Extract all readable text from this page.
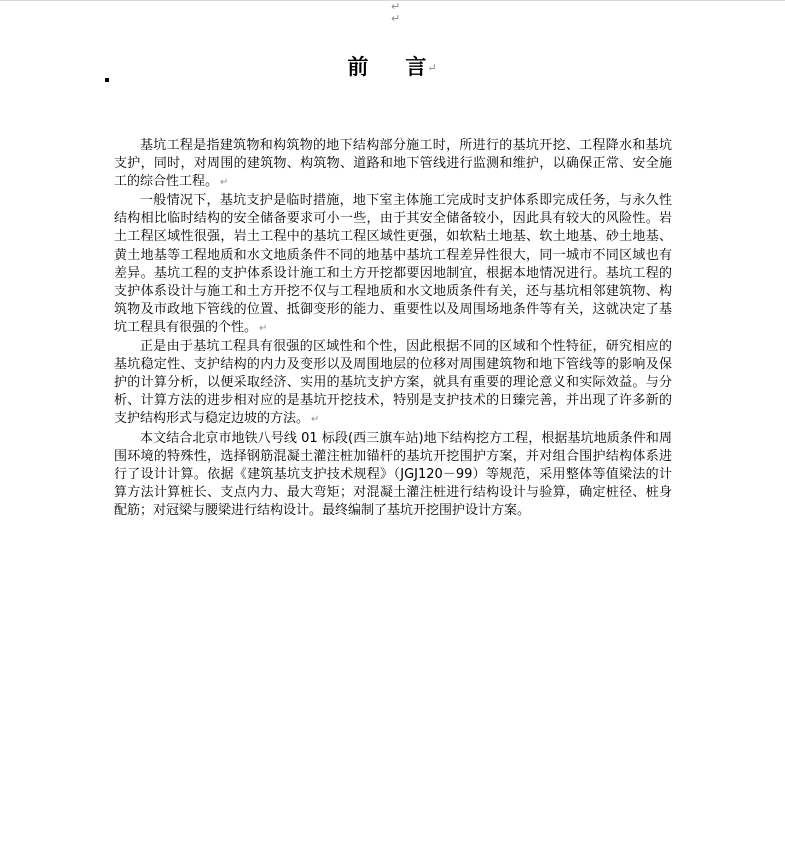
↵
↵
前 言↵

基坑工程是指建筑物和构筑物的地下结构部分施工时，所进行的基坑开挖、工程降水和基坑支护，同时，对周围的建筑物、构筑物、道路和地下管线进行监测和维护，以确保正常、安全施工的综合性工程。 ↵

一般情况下，基坑支护是临时措施，地下室主体施工完成时支护体系即完成任务，与永久性结构相比临时结构的安全储备要求可小一些，由于其安全储备较小，因此具有较大的风险性。岩土工程区域性很强，岩土工程中的基坑工程区域性更强，如软粘土地基、软土地基、砂土地基、黄土地基等工程地质和水文地质条件不同的地基中基坑工程差异性很大，同一城市不同区域也有差异。基坑工程的支护体系设计施工和土方开挖都要因地制宜，根据本地情况进行。基坑工程的支护体系设计与施工和土方开挖不仅与工程地质和水文地质条件有关，还与基坑相邻建筑物、构筑物及市政地下管线的位置、抵御变形的能力、重要性以及周围场地条件等有关，这就决定了基坑工程具有很强的个性。 ↵

正是由于基坑工程具有很强的区域性和个性，因此根据不同的区域和个性特征，研究相应的基坑稳定性、支护结构的内力及变形以及周围地层的位移对周围建筑物和地下管线等的影响及保护的计算分析，以便采取经济、实用的基坑支护方案，就具有重要的理论意义和实际效益。与分析、计算方法的进步相对应的是基坑开挖技术，特别是支护技术的日臻完善，并出现了许多新的支护结构形式与稳定边坡的方法。 ↵

本文结合北京市地铁八号线 01 标段(西三旗车站)地下结构挖方工程，根据基坑地质条件和周围环境的特殊性，选择钢筋混凝土灌注桩加锚杆的基坑开挖围护方案，并对组合围护结构体系进行了设计计算。依据《建筑基坑支护技术规程》（JGJ120－99）等规范，采用整体等值梁法的计算方法计算桩长、支点内力、最大弯矩；对混凝土灌注桩进行结构设计与验算，确定桩径、桩身配筋；对冠梁与腰梁进行结构设计。最终编制了基坑开挖围护设计方案。
